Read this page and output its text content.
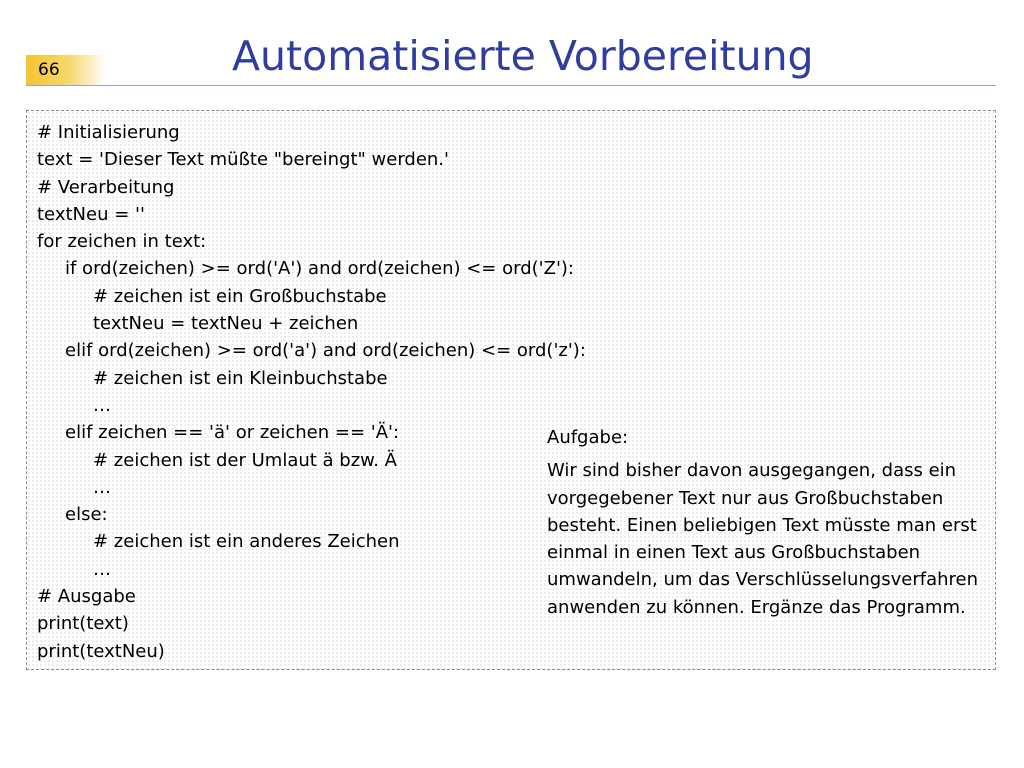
66	Automatisierte Vorbereitung
# Initialisierung
text = 'Dieser Text müßte "bereingt" werden.'
# Verarbeitung
textNeu = ''
for zeichen in text:
if ord(zeichen) >= ord('A') and ord(zeichen) <= ord('Z'):
# zeichen ist ein Großbuchstabe
textNeu = textNeu + zeichen
elif ord(zeichen) >= ord('a') and ord(zeichen) <= ord('z'):
# zeichen ist ein Kleinbuchstabe
…
elif zeichen == 'ä' or zeichen == 'Ä':
# zeichen ist der Umlaut ä bzw. Ä
…
else:
# zeichen ist ein anderes Zeichen
…
# Ausgabe
print(text)
print(textNeu)

Aufgabe:

Wir sind bisher davon ausgegangen, dass ein vorgegebener Text nur aus Großbuchstaben besteht. Einen beliebigen Text müsste man erst einmal in einen Text aus Großbuchstaben umwandeln, um das Verschlüsselungsverfahren anwenden zu können. Ergänze das Programm.
